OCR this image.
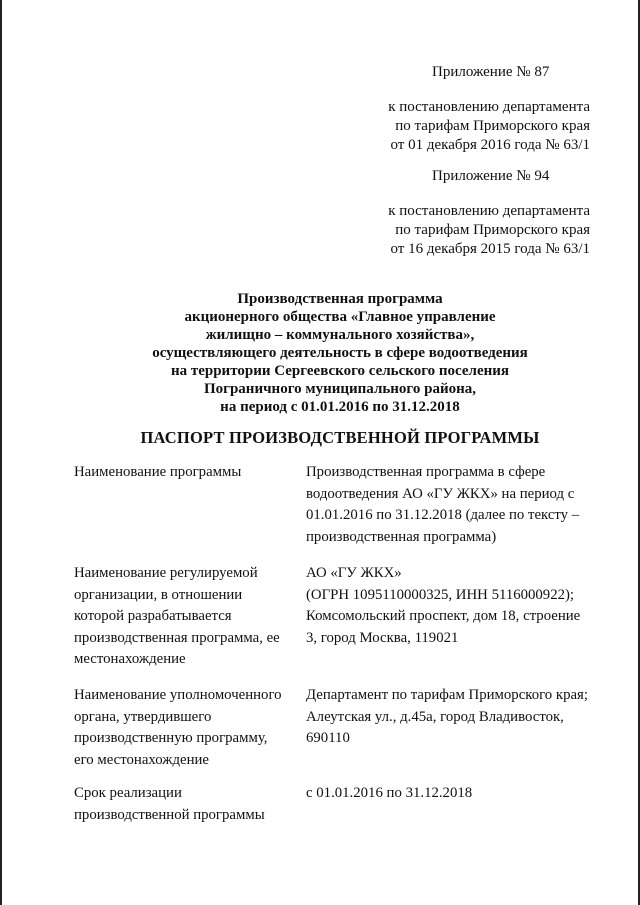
Приложение № 87
к постановлению департамента
по тарифам Приморского края
от 01 декабря 2016 года № 63/1
Приложение № 94
к постановлению департамента
по тарифам Приморского края
от 16 декабря 2015 года № 63/1
Производственная программа
акционерного общества «Главное управление
жилищно – коммунального хозяйства»,
осуществляющего деятельность в сфере водоотведения
на территории Сергеевского сельского поселения
Пограничного муниципального района,
на период с 01.01.2016 по 31.12.2018
ПАСПОРТ ПРОИЗВОДСТВЕННОЙ ПРОГРАММЫ
Наименование программы	Производственная программа в сфере
водоотведения АО «ГУ ЖКХ» на период с
01.01.2016 по 31.12.2018 (далее по тексту –
производственная программа)
Наименование регулируемой
организации, в отношении
которой разрабатывается
производственная программа, ее
местонахождение
АО «ГУ ЖКХ»
(ОГРН 1095110000325, ИНН 5116000922);
Комсомольский проспект, дом 18, строение
3, город Москва, 119021
Наименование уполномоченного
органа, утвердившего
производственную программу,
его местонахождение
Департамент по тарифам Приморского края;
Алеутская ул., д.45а, город Владивосток,
690110
Срок реализации
производственной программы
с 01.01.2016 по 31.12.2018
